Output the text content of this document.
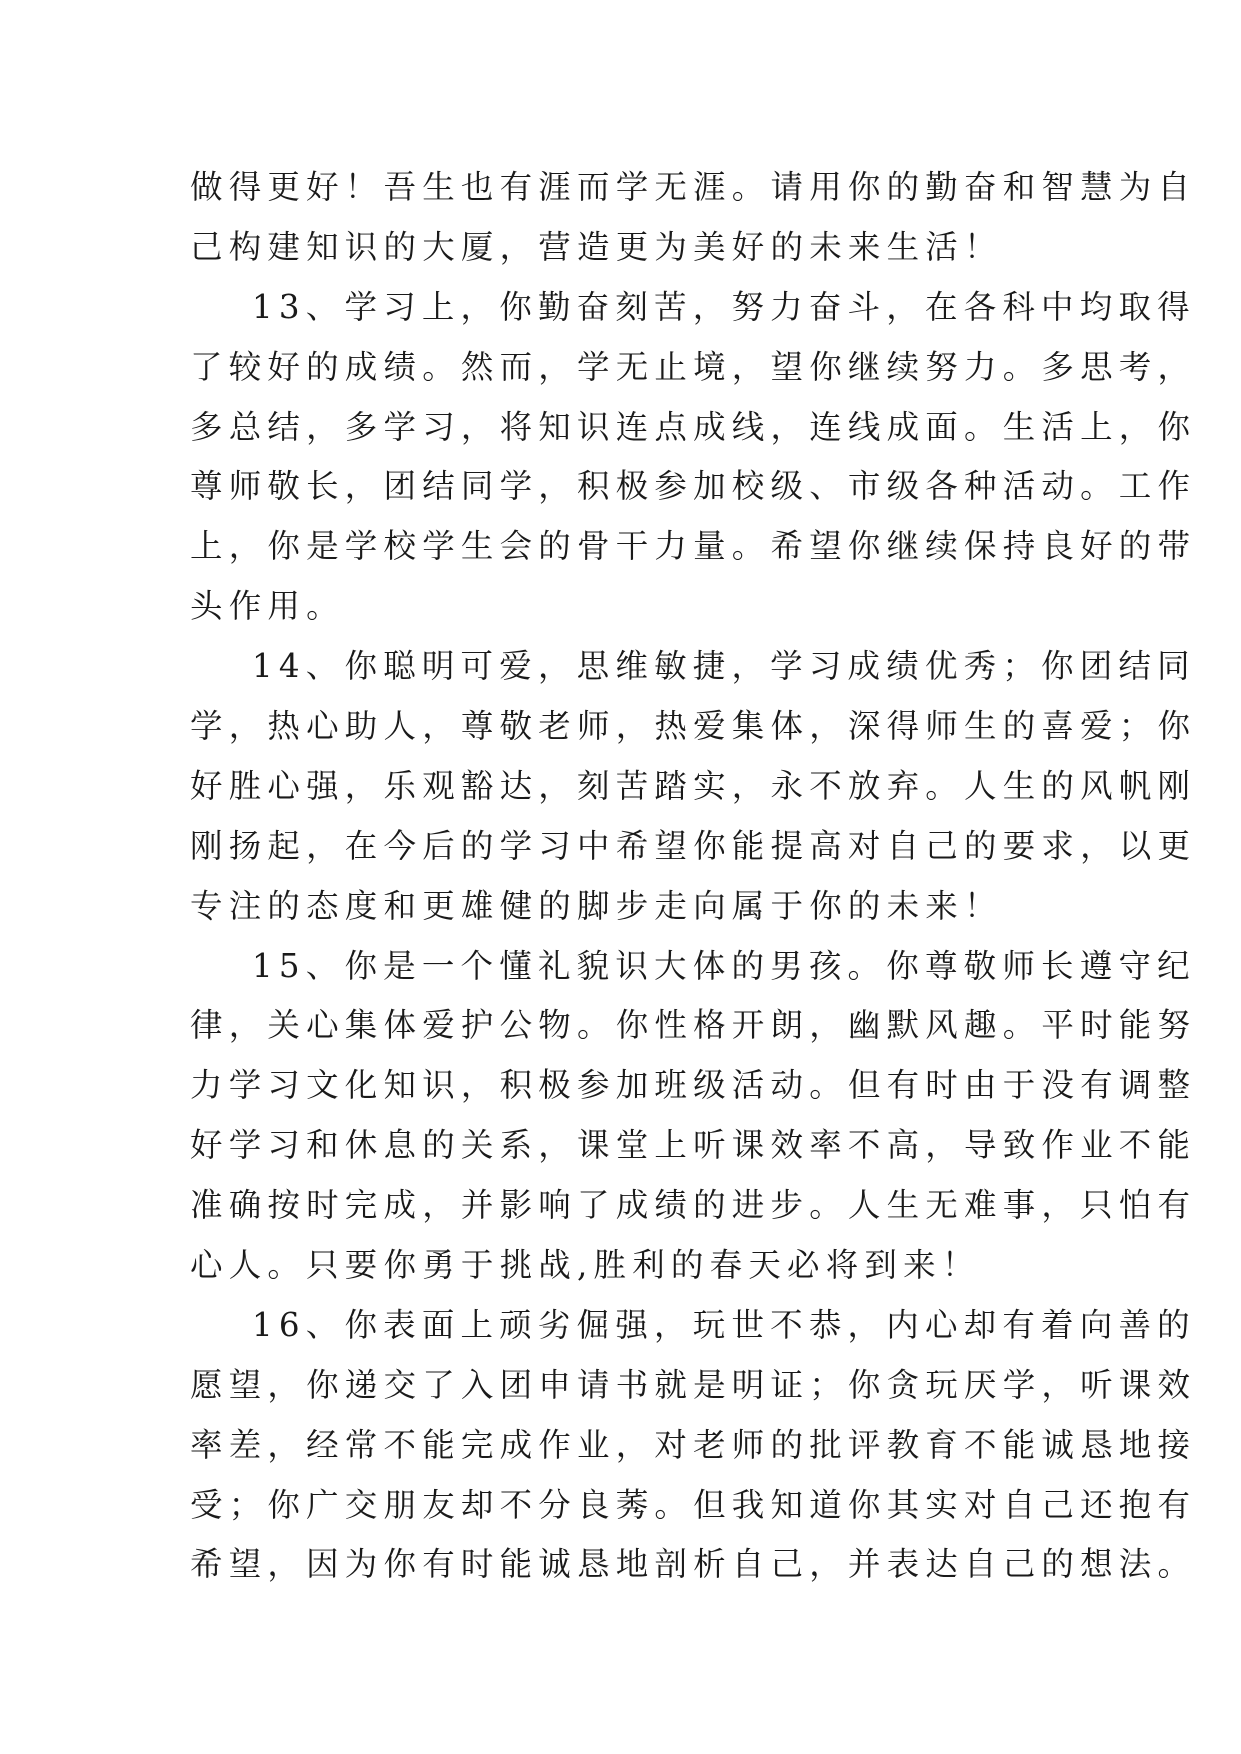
做得更好！吾生也有涯而学无涯。请用你的勤奋和智慧为自
己构建知识的大厦，营造更为美好的未来生活！
13、学习上，你勤奋刻苦，努力奋斗，在各科中均取得
了较好的成绩。然而，学无止境，望你继续努力。多思考，
多总结，多学习，将知识连点成线，连线成面。生活上，你
尊师敬长，团结同学，积极参加校级、市级各种活动。工作
上，你是学校学生会的骨干力量。希望你继续保持良好的带
头作用。
14、你聪明可爱，思维敏捷，学习成绩优秀；你团结同
学，热心助人，尊敬老师，热爱集体，深得师生的喜爱；你
好胜心强，乐观豁达，刻苦踏实，永不放弃。人生的风帆刚
刚扬起，在今后的学习中希望你能提高对自己的要求，以更
专注的态度和更雄健的脚步走向属于你的未来！
15、你是一个懂礼貌识大体的男孩。你尊敬师长遵守纪
律，关心集体爱护公物。你性格开朗，幽默风趣。平时能努
力学习文化知识，积极参加班级活动。但有时由于没有调整
好学习和休息的关系，课堂上听课效率不高，导致作业不能
准确按时完成，并影响了成绩的进步。人生无难事，只怕有
心人。只要你勇于挑战,胜利的春天必将到来！
16、你表面上顽劣倔强，玩世不恭，内心却有着向善的
愿望，你递交了入团申请书就是明证；你贪玩厌学，听课效
率差，经常不能完成作业，对老师的批评教育不能诚恳地接
受；你广交朋友却不分良莠。但我知道你其实对自己还抱有
希望，因为你有时能诚恳地剖析自己，并表达自己的想法。
